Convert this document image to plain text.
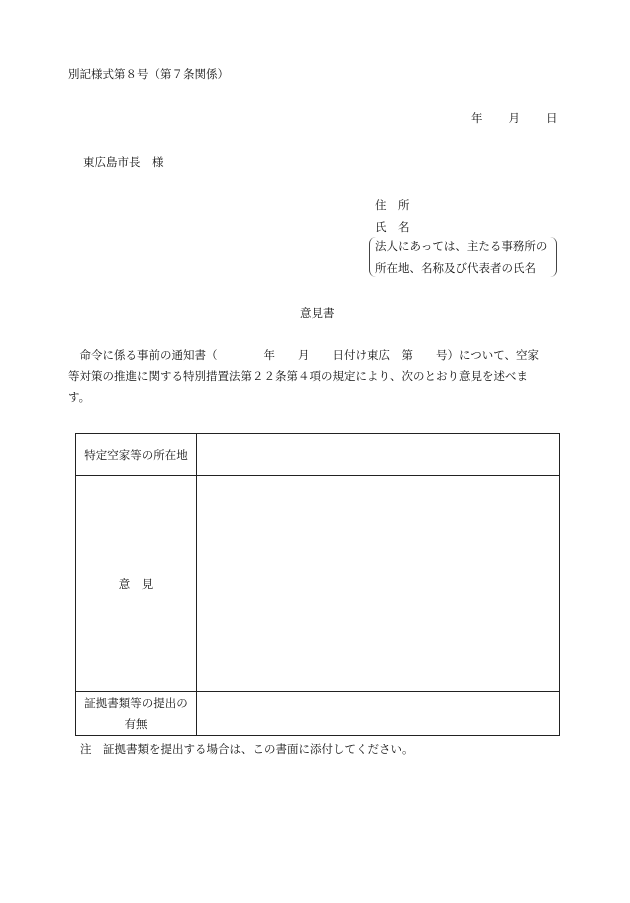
別記様式第８号（第７条関係）
年 月 日
東広島市長　様
住　所
氏　名
法人にあっては、主たる事務所の
所在地、名称及び代表者の氏名
意見書
　命令に係る事前の通知書（　　　　年　　月　　日付け東広　第　　号）について、空家
等対策の推進に関する特別措置法第２２条第４項の規定により、次のとおり意見を述べま
す。
特定空家等の所在地	
意　見	
証拠書類等の提出の
有無	
注　証拠書類を提出する場合は、この書面に添付してください。
